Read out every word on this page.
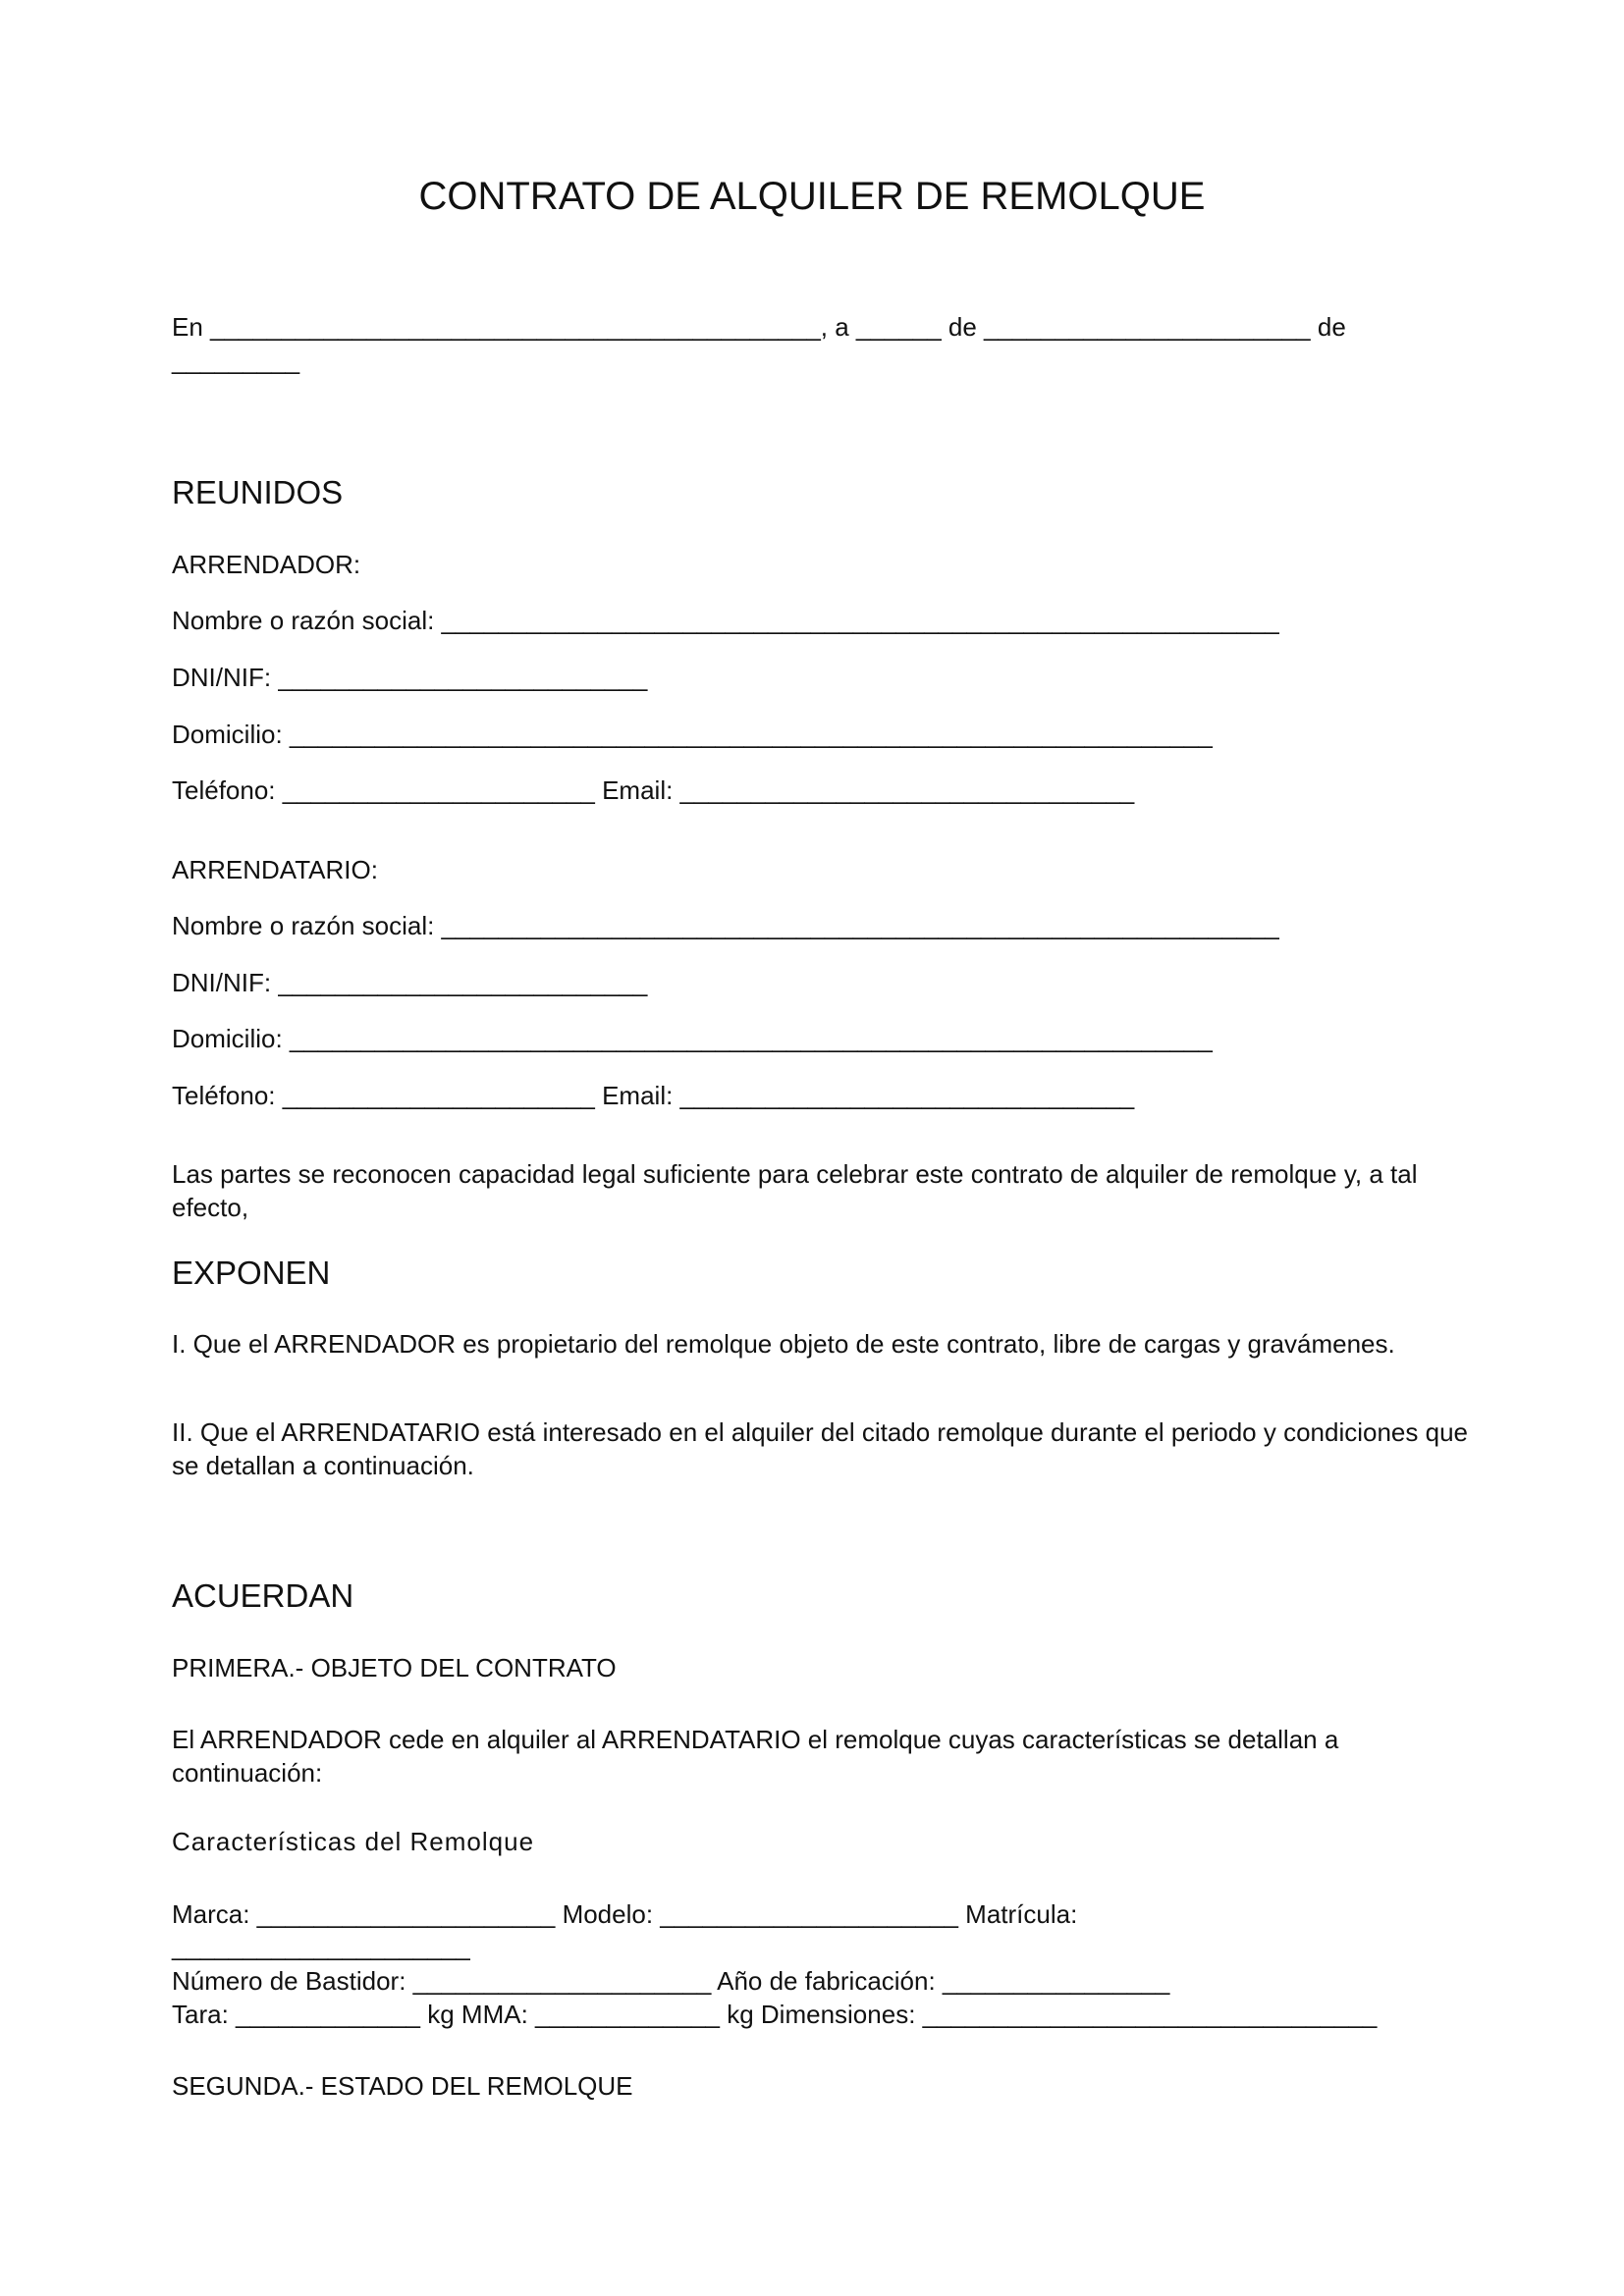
CONTRATO DE ALQUILER DE REMOLQUE
En ___________________________________________, a ______ de _______________________ de
_________
REUNIDOS
ARRENDADOR:
Nombre o razón social: ___________________________________________________________
DNI/NIF: __________________________
Domicilio: _________________________________________________________________
Teléfono: ______________________ Email: ________________________________
ARRENDATARIO:
Nombre o razón social: ___________________________________________________________
DNI/NIF: __________________________
Domicilio: _________________________________________________________________
Teléfono: ______________________ Email: ________________________________
Las partes se reconocen capacidad legal suficiente para celebrar este contrato de alquiler de remolque y, a tal efecto,
EXPONEN
I. Que el ARRENDADOR es propietario del remolque objeto de este contrato, libre de cargas y gravámenes.
II. Que el ARRENDATARIO está interesado en el alquiler del citado remolque durante el periodo y condiciones que se detallan a continuación.
ACUERDAN
PRIMERA.- OBJETO DEL CONTRATO
El ARRENDADOR cede en alquiler al ARRENDATARIO el remolque cuyas características se detallan a continuación:
Características del Remolque
Marca: _____________________ Modelo: _____________________ Matrícula:
_____________________
Número de Bastidor: _____________________ Año de fabricación: ________________
Tara: _____________ kg MMA: _____________ kg Dimensiones: ________________________________
SEGUNDA.- ESTADO DEL REMOLQUE
